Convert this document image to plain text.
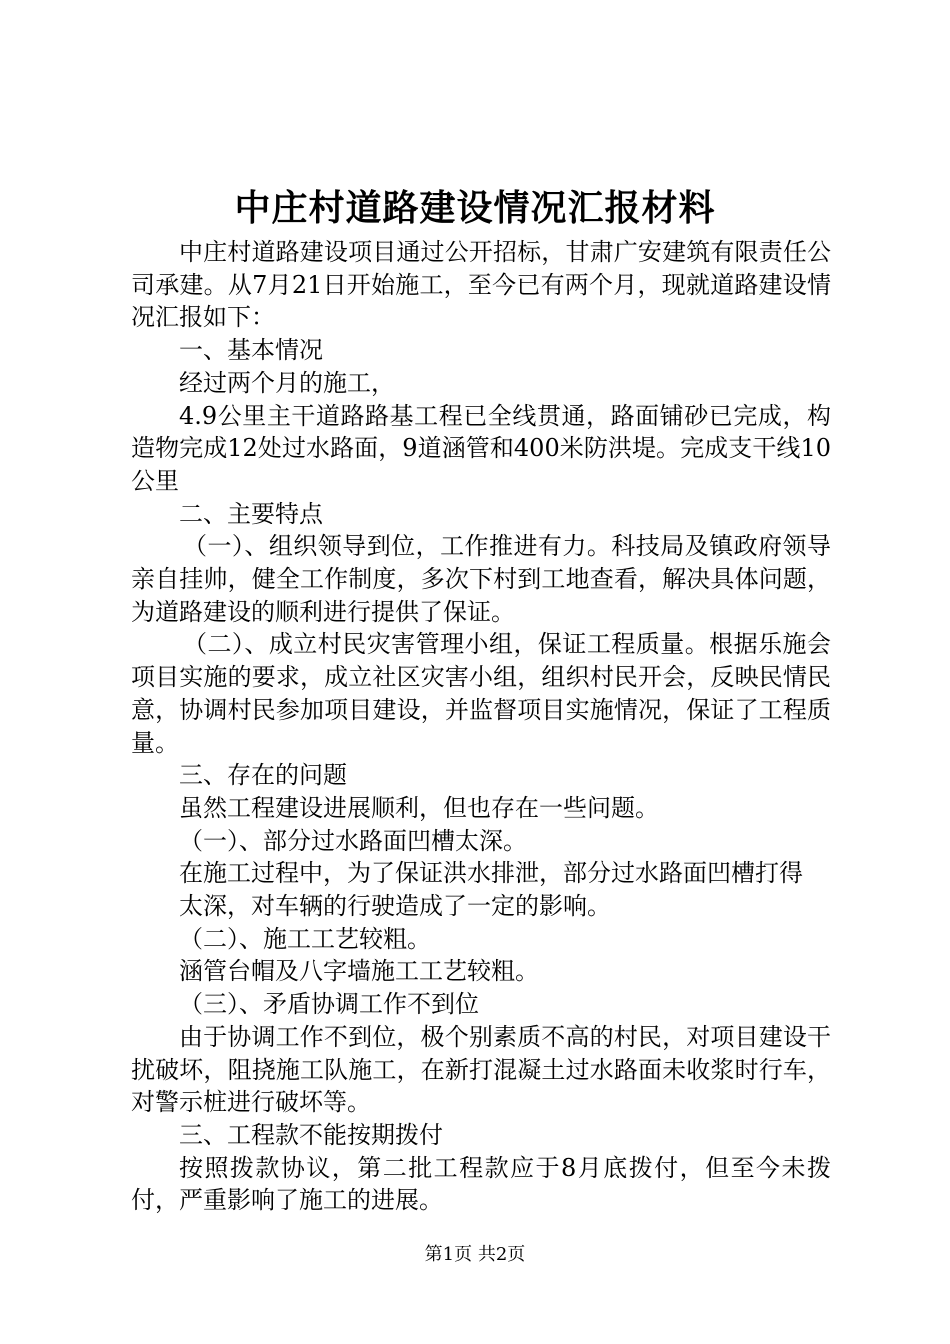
中庄村道路建设情况汇报材料

中庄村道路建设项目通过公开招标，甘肃广安建筑有限责任公司承建。从7月21日开始施工，至今已有两个月，现就道路建设情况汇报如下：

一、基本情况

经过两个月的施工，

4.9公里主干道路路基工程已全线贯通，路面铺砂已完成，构造物完成12处过水路面，9道涵管和400米防洪堤。完成支干线10公里

二、主要特点

（一）、组织领导到位，工作推进有力。科技局及镇政府领导亲自挂帅，健全工作制度，多次下村到工地查看，解决具体问题，为道路建设的顺利进行提供了保证。

（二）、成立村民灾害管理小组，保证工程质量。根据乐施会项目实施的要求，成立社区灾害小组，组织村民开会，反映民情民意，协调村民参加项目建设，并监督项目实施情况，保证了工程质量。

三、存在的问题

虽然工程建设进展顺利，但也存在一些问题。

（一）、部分过水路面凹槽太深。

在施工过程中，为了保证洪水排泄，部分过水路面凹槽打得

太深，对车辆的行驶造成了一定的影响。

（二）、施工工艺较粗。

涵管台帽及八字墙施工工艺较粗。

（三）、矛盾协调工作不到位

由于协调工作不到位，极个别素质不高的村民，对项目建设干扰破坏，阻挠施工队施工，在新打混凝土过水路面未收浆时行车，对警示桩进行破坏等。

三、工程款不能按期拨付

按照拨款协议，第二批工程款应于8月底拨付，但至今未拨付，严重影响了施工的进展。

第1页 共2页
